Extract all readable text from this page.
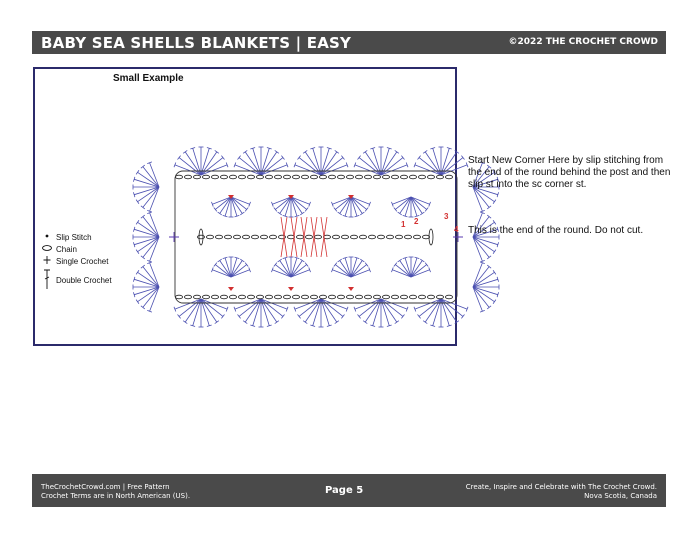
BABY SEA SHELLS BLANKETS | EASY	©2022 THE CROCHET CROWD
Small Example
Slip Stitch
Chain
Single Crochet
Double Crochet
1 2
3
4
Start New Corner Here by slip stitching from the end of the round behind the post and then slip st into the sc corner st.
This is the end of the round. Do not cut.
TheCrochetCrowd.com | Free Pattern
Crochet Terms are in North American (US).	Page 5	Create, Inspire and Celebrate with The Crochet Crowd.
Nova Scotia, Canada
